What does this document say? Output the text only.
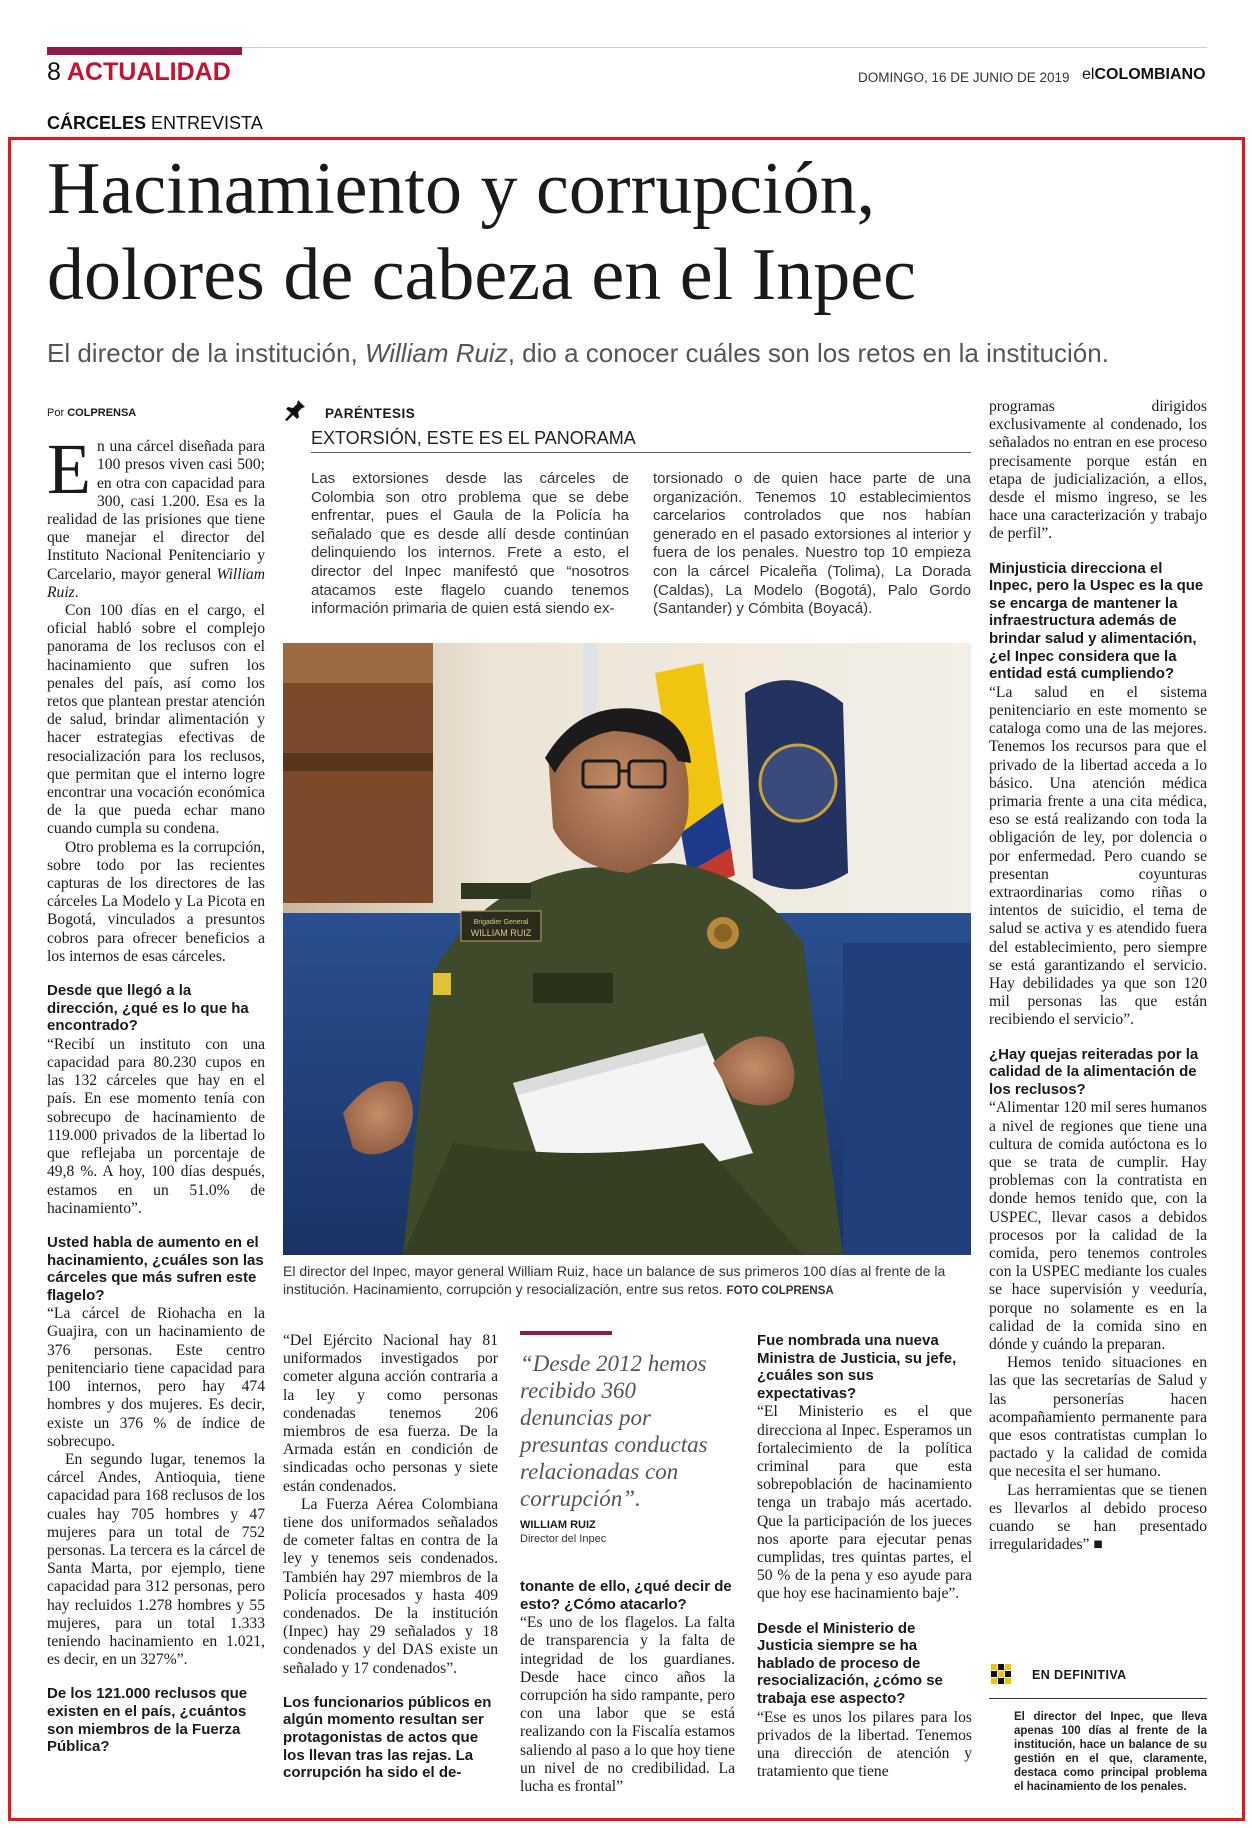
8 ACTUALIDAD	DOMINGO, 16 DE JUNIO DE 2019 elCOLOMBIANO
CÁRCELES ENTREVISTA
Hacinamiento y corrupción,
dolores de cabeza en el Inpec
El director de la institución, William Ruiz, dio a conocer cuáles son los retos en la institución.
Por COLPRENSA

En una cárcel diseñada para 100 presos viven casi 500; en otra con capacidad para 300, casi 1.200. Esa es la realidad de las prisiones que tiene que manejar el director del Instituto Nacional Penitenciario y Carcelario, mayor general William Ruiz.

Con 100 días en el cargo, el oficial habló sobre el complejo panorama de los reclusos con el hacinamiento que sufren los penales del país, así como los retos que plantean prestar atención de salud, brindar alimentación y hacer estrategias efectivas de resocialización para los reclusos, que permitan que el interno logre encontrar una vocación económica de la que pueda echar mano cuando cumpla su condena.

Otro problema es la corrupción, sobre todo por las recientes capturas de los directores de las cárceles La Modelo y La Picota en Bogotá, vinculados a presuntos cobros para ofrecer beneficios a los internos de esas cárceles.

Desde que llegó a la dirección, ¿qué es lo que ha encontrado?

“Recibí un instituto con una capacidad para 80.230 cupos en las 132 cárceles que hay en el país. En ese momento tenía con sobrecupo de hacinamiento de 119.000 privados de la libertad lo que reflejaba un porcentaje de 49,8 %. A hoy, 100 días después, estamos en un 51.0% de hacinamiento”.

Usted habla de aumento en el hacinamiento, ¿cuáles son las cárceles que más sufren este flagelo?

“La cárcel de Riohacha en la Guajira, con un hacinamiento de 376 personas. Este centro penitenciario tiene capacidad para 100 internos, pero hay 474 hombres y dos mujeres. Es decir, existe un 376 % de índice de sobrecupo.

En segundo lugar, tenemos la cárcel Andes, Antioquia, tiene capacidad para 168 reclusos de los cuales hay 705 hombres y 47 mujeres para un total de 752 personas. La tercera es la cárcel de Santa Marta, por ejemplo, tiene capacidad para 312 personas, pero hay recluidos 1.278 hombres y 55 mujeres, para un total 1.333 teniendo hacinamiento en 1.021, es decir, en un 327%”.

De los 121.000 reclusos que existen en el país, ¿cuántos son miembros de la Fuerza Pública?
PARÉNTESIS
EXTORSIÓN, ESTE ES EL PANORAMA
Las extorsiones desde las cárceles de Colombia son otro problema que se debe enfrentar, pues el Gaula de la Policía ha señalado que es desde allí desde continúan delinquiendo los internos. Frete a esto, el director del Inpec manifestó que “nosotros atacamos este flagelo cuando tenemos información primaria de quien está siendo ex-
torsionado o de quien hace parte de una organización. Tenemos 10 establecimientos carcelarios controlados que nos habían generado en el pasado extorsiones al interior y fuera de los penales. Nuestro top 10 empieza con la cárcel Picaleña (Tolima), La Dorada (Caldas), La Modelo (Bogotá), Palo Gordo (Santander) y Cómbita (Boyacá).
Brigadier General
WILLIAM RUIZ
El director del Inpec, mayor general William Ruiz, hace un balance de sus primeros 100 días al frente de la institución. Hacinamiento, corrupción y resocialización, entre sus retos. FOTO COLPRENSA

“Del Ejército Nacional hay 81 uniformados investigados por cometer alguna acción contraria a la ley y como personas condenadas tenemos 206 miembros de esa fuerza. De la Armada están en condición de sindicadas ocho personas y siete están condenados.

La Fuerza Aérea Colombiana tiene dos uniformados señalados de cometer faltas en contra de la ley y tenemos seis condenados. También hay 297 miembros de la Policía procesados y hasta 409 condenados. De la institución (Inpec) hay 29 señalados y 18 condenados y del DAS existe un señalado y 17 condenados”.

Los funcionarios públicos en algún momento resultan ser protagonistas de actos que los llevan tras las rejas. La corrupción ha sido el de-
“Desde 2012 hemos recibido 360 denuncias por presuntas conductas relacionadas con corrupción”.
WILLIAM RUIZ
Director del Inpec
tonante de ello, ¿qué decir de esto? ¿Cómo atacarlo?

“Es uno de los flagelos. La falta de transparencia y la falta de integridad de los guardianes. Desde hace cinco años la corrupción ha sido rampante, pero con una labor que se está realizando con la Fiscalía estamos saliendo al paso a lo que hoy tiene un nivel de no credibilidad. La lucha es frontal”

Fue nombrada una nueva Ministra de Justicia, su jefe, ¿cuáles son sus expectativas?

“El Ministerio es el que direcciona al Inpec. Esperamos un fortalecimiento de la política criminal para que esta sobrepoblación de hacinamiento tenga un trabajo más acertado. Que la participación de los jueces nos aporte para ejecutar penas cumplidas, tres quintas partes, el 50 % de la pena y eso ayude para que hoy ese hacinamiento baje”.

Desde el Ministerio de Justicia siempre se ha hablado de proceso de resocialización, ¿cómo se trabaja ese aspecto?

“Ese es unos los pilares para los privados de la libertad. Tenemos una dirección de atención y tratamiento que tiene

programas dirigidos exclusivamente al condenado, los señalados no entran en ese proceso precisamente porque están en etapa de judicialización, a ellos, desde el mismo ingreso, se les hace una caracterización y trabajo de perfil”.

Minjusticia direcciona el Inpec, pero la Uspec es la que se encarga de mantener la infraestructura además de brindar salud y alimentación, ¿el Inpec considera que la entidad está cumpliendo?

“La salud en el sistema penitenciario en este momento se cataloga como una de las mejores. Tenemos los recursos para que el privado de la libertad acceda a lo básico. Una atención médica primaria frente a una cita médica, eso se está realizando con toda la obligación de ley, por dolencia o por enfermedad. Pero cuando se presentan coyunturas extraordinarias como riñas o intentos de suicidio, el tema de salud se activa y es atendido fuera del establecimiento, pero siempre se está garantizando el servicio. Hay debilidades ya que son 120 mil personas las que están recibiendo el servicio”.

¿Hay quejas reiteradas por la calidad de la alimentación de los reclusos?

“Alimentar 120 mil seres humanos a nivel de regiones que tiene una cultura de comida autóctona es lo que se trata de cumplir. Hay problemas con la contratista en donde hemos tenido que, con la USPEC, llevar casos a debidos procesos por la calidad de la comida, pero tenemos controles con la USPEC mediante los cuales se hace supervisión y veeduría, porque no solamente es en la calidad de la comida sino en dónde y cuándo la preparan.

Hemos tenido situaciones en las que las secretarías de Salud y las personerías hacen acompañamiento permanente para que esos contratistas cumplan lo pactado y la calidad de comida que necesita el ser humano.

Las herramientas que se tienen es llevarlos al debido proceso cuando se han presentado irregularidades” ■

EN DEFINITIVA
El director del Inpec, que lleva apenas 100 días al frente de la institución, hace un balance de su gestión en el que, claramente, destaca como principal problema el hacinamiento de los penales.
